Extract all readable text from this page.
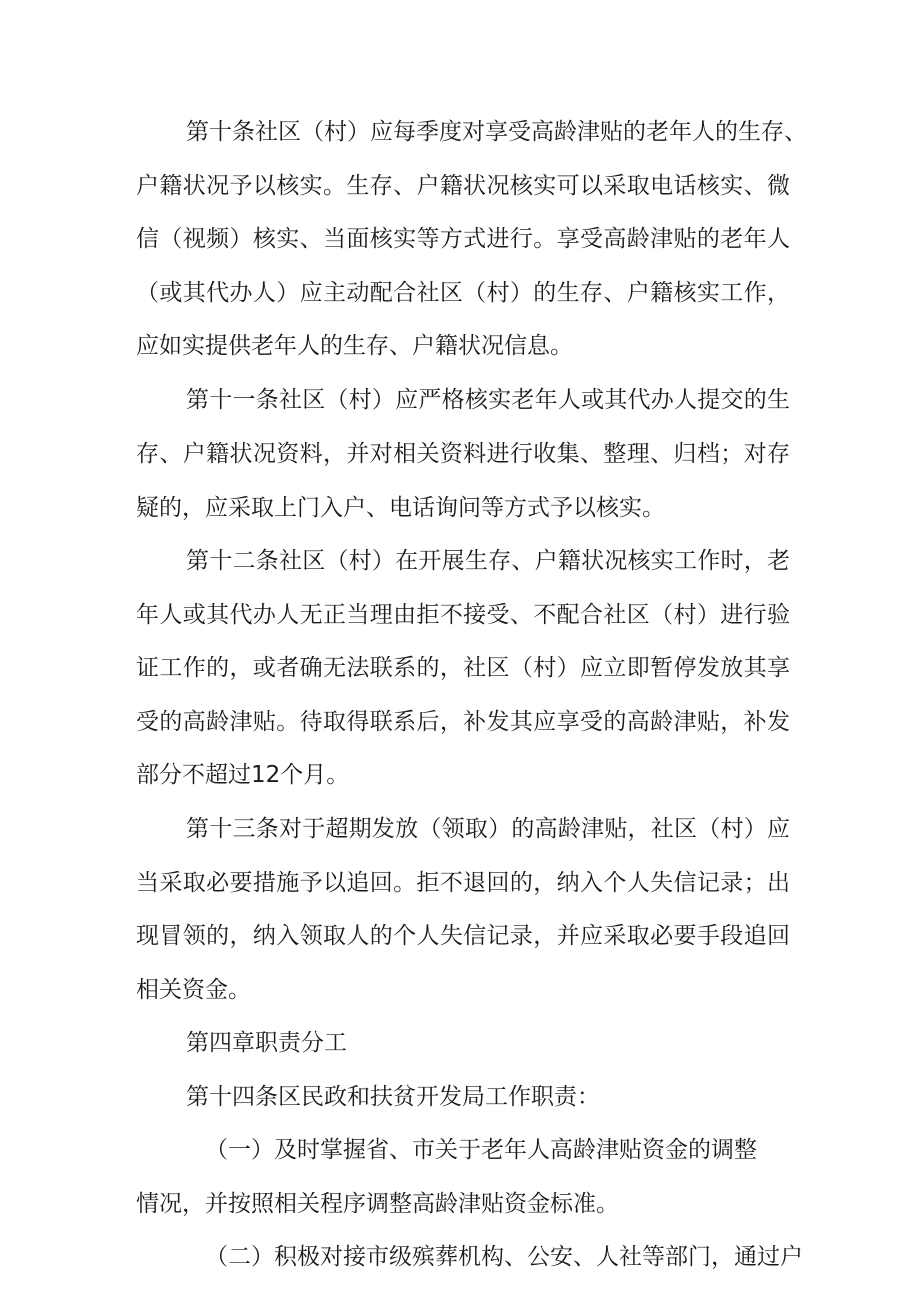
第十条社区（村）应每季度对享受高龄津贴的老年人的生存、
户籍状况予以核实。生存、户籍状况核实可以采取电话核实、微
信（视频）核实、当面核实等方式进行。享受高龄津贴的老年人
（或其代办人）应主动配合社区（村）的生存、户籍核实工作，
应如实提供老年人的生存、户籍状况信息。
第十一条社区（村）应严格核实老年人或其代办人提交的生
存、户籍状况资料，并对相关资料进行收集、整理、归档；对存
疑的，应采取上门入户、电话询问等方式予以核实。
第十二条社区（村）在开展生存、户籍状况核实工作时，老
年人或其代办人无正当理由拒不接受、不配合社区（村）进行验
证工作的，或者确无法联系的，社区（村）应立即暂停发放其享
受的高龄津贴。待取得联系后，补发其应享受的高龄津贴，补发
部分不超过12个月。
第十三条对于超期发放（领取）的高龄津贴，社区（村）应
当采取必要措施予以追回。拒不退回的，纳入个人失信记录；出
现冒领的，纳入领取人的个人失信记录，并应采取必要手段追回
相关资金。
第四章职责分工
第十四条区民政和扶贫开发局工作职责：
（一）及时掌握省、市关于老年人高龄津贴资金的调整
情况，并按照相关程序调整高龄津贴资金标准。
（二）积极对接市级殡葬机构、公安、人社等部门，通过户
